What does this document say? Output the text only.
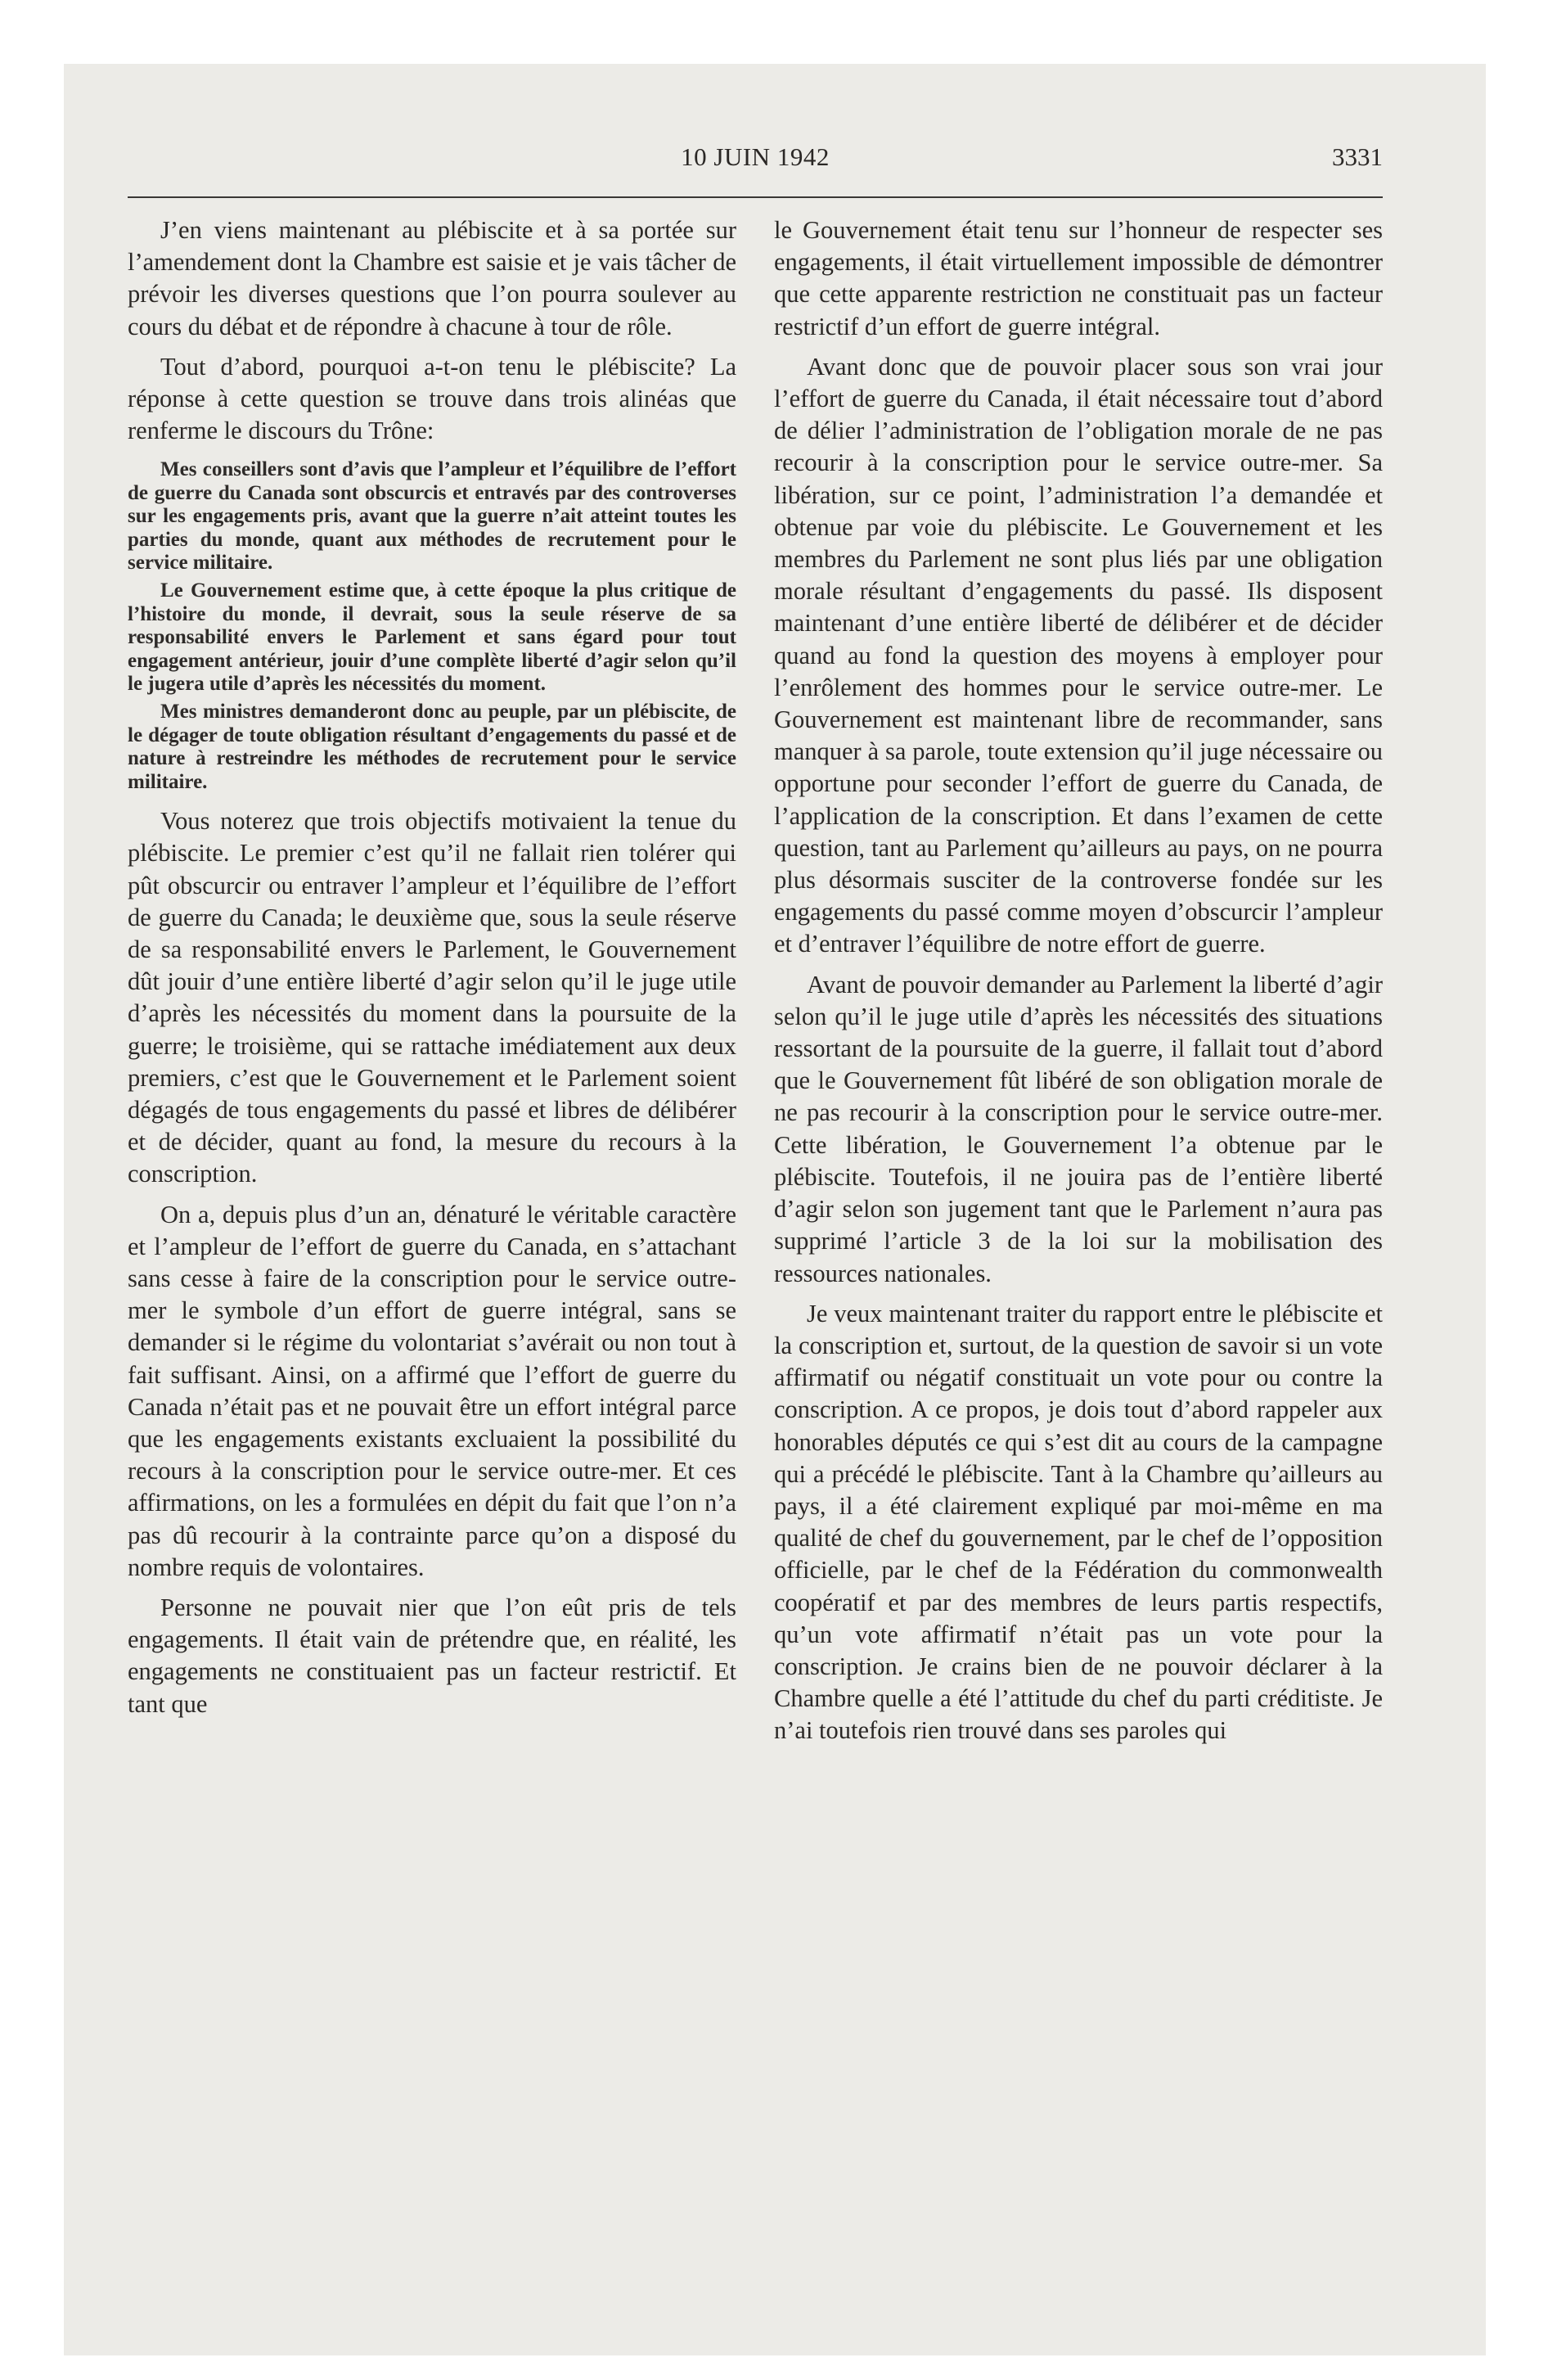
10 JUIN 1942	3331

J’en viens maintenant au plébiscite et à sa portée sur l’amendement dont la Chambre est saisie et je vais tâcher de prévoir les diverses questions que l’on pourra soulever au cours du débat et de répondre à chacune à tour de rôle.

Tout d’abord, pourquoi a-t-on tenu le plébiscite? La réponse à cette question se trouve dans trois alinéas que renferme le discours du Trône:

Mes conseillers sont d’avis que l’ampleur et l’équilibre de l’effort de guerre du Canada sont obscurcis et entravés par des controverses sur les engagements pris, avant que la guerre n’ait atteint toutes les parties du monde, quant aux méthodes de recrutement pour le service militaire.

Le Gouvernement estime que, à cette époque la plus critique de l’histoire du monde, il devrait, sous la seule réserve de sa responsabilité envers le Parlement et sans égard pour tout engagement antérieur, jouir d’une complète liberté d’agir selon qu’il le jugera utile d’après les nécessités du moment.

Mes ministres demanderont donc au peuple, par un plébiscite, de le dégager de toute obligation résultant d’engagements du passé et de nature à restreindre les méthodes de recrutement pour le service militaire.

Vous noterez que trois objectifs motivaient la tenue du plébiscite. Le premier c’est qu’il ne fallait rien tolérer qui pût obscurcir ou entraver l’ampleur et l’équilibre de l’effort de guerre du Canada; le deuxième que, sous la seule réserve de sa responsabilité envers le Parlement, le Gouvernement dût jouir d’une entière liberté d’agir selon qu’il le juge utile d’après les nécessités du moment dans la poursuite de la guerre; le troisième, qui se rattache imédiatement aux deux premiers, c’est que le Gouvernement et le Parlement soient dégagés de tous engagements du passé et libres de délibérer et de décider, quant au fond, la mesure du recours à la conscription.

On a, depuis plus d’un an, dénaturé le véritable caractère et l’ampleur de l’effort de guerre du Canada, en s’attachant sans cesse à faire de la conscription pour le service outre-mer le symbole d’un effort de guerre intégral, sans se demander si le régime du volontariat s’avérait ou non tout à fait suffisant. Ainsi, on a affirmé que l’effort de guerre du Canada n’était pas et ne pouvait être un effort intégral parce que les engagements existants excluaient la possibilité du recours à la conscription pour le service outre-mer. Et ces affirmations, on les a formulées en dépit du fait que l’on n’a pas dû recourir à la contrainte parce qu’on a disposé du nombre requis de volontaires.

Personne ne pouvait nier que l’on eût pris de tels engagements. Il était vain de prétendre que, en réalité, les engagements ne constituaient pas un facteur restrictif. Et tant que

le Gouvernement était tenu sur l’honneur de respecter ses engagements, il était virtuellement impossible de démontrer que cette apparente restriction ne constituait pas un facteur restrictif d’un effort de guerre intégral.

Avant donc que de pouvoir placer sous son vrai jour l’effort de guerre du Canada, il était nécessaire tout d’abord de délier l’administration de l’obligation morale de ne pas recourir à la conscription pour le service outre-mer. Sa libération, sur ce point, l’administration l’a demandée et obtenue par voie du plébiscite. Le Gouvernement et les membres du Parlement ne sont plus liés par une obligation morale résultant d’engagements du passé. Ils disposent maintenant d’une entière liberté de délibérer et de décider quand au fond la question des moyens à employer pour l’enrôlement des hommes pour le service outre-mer. Le Gouvernement est maintenant libre de recommander, sans manquer à sa parole, toute extension qu’il juge nécessaire ou opportune pour seconder l’effort de guerre du Canada, de l’application de la conscription. Et dans l’examen de cette question, tant au Parlement qu’ailleurs au pays, on ne pourra plus désormais susciter de la controverse fondée sur les engagements du passé comme moyen d’obscurcir l’ampleur et d’entraver l’équilibre de notre effort de guerre.

Avant de pouvoir demander au Parlement la liberté d’agir selon qu’il le juge utile d’après les nécessités des situations ressortant de la poursuite de la guerre, il fallait tout d’abord que le Gouvernement fût libéré de son obligation morale de ne pas recourir à la conscription pour le service outre-mer. Cette libération, le Gouvernement l’a obtenue par le plébiscite. Toutefois, il ne jouira pas de l’entière liberté d’agir selon son jugement tant que le Parlement n’aura pas supprimé l’article 3 de la loi sur la mobilisation des ressources nationales.

Je veux maintenant traiter du rapport entre le plébiscite et la conscription et, surtout, de la question de savoir si un vote affirmatif ou négatif constituait un vote pour ou contre la conscription. A ce propos, je dois tout d’abord rappeler aux honorables députés ce qui s’est dit au cours de la campagne qui a précédé le plébiscite. Tant à la Chambre qu’ailleurs au pays, il a été clairement expliqué par moi-même en ma qualité de chef du gouvernement, par le chef de l’opposition officielle, par le chef de la Fédération du commonwealth coopératif et par des membres de leurs partis respectifs, qu’un vote affirmatif n’était pas un vote pour la conscription. Je crains bien de ne pouvoir déclarer à la Chambre quelle a été l’attitude du chef du parti créditiste. Je n’ai toutefois rien trouvé dans ses paroles qui
